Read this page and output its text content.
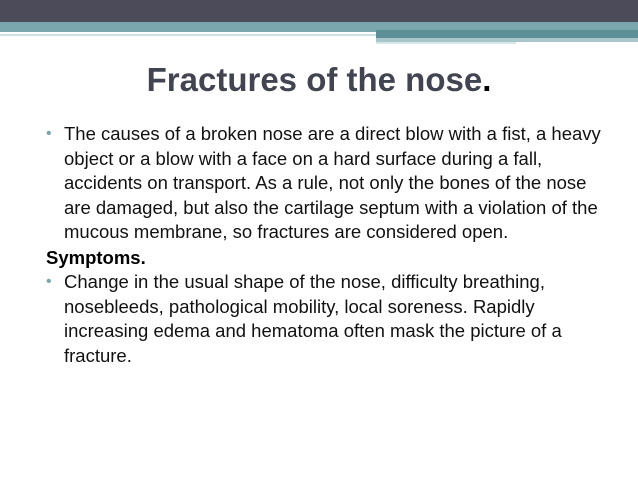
Fractures of the nose.

• The causes of a broken nose are a direct blow with a fist, a heavy object or a blow with a face on a hard surface during a fall, accidents on transport. As a rule, not only the bones of the nose are damaged, but also the cartilage septum with a violation of the mucous membrane, so fractures are considered open.

Symptoms.

• Change in the usual shape of the nose, difficulty breathing, nosebleeds, pathological mobility, local soreness. Rapidly increasing edema and hematoma often mask the picture of a fracture.
